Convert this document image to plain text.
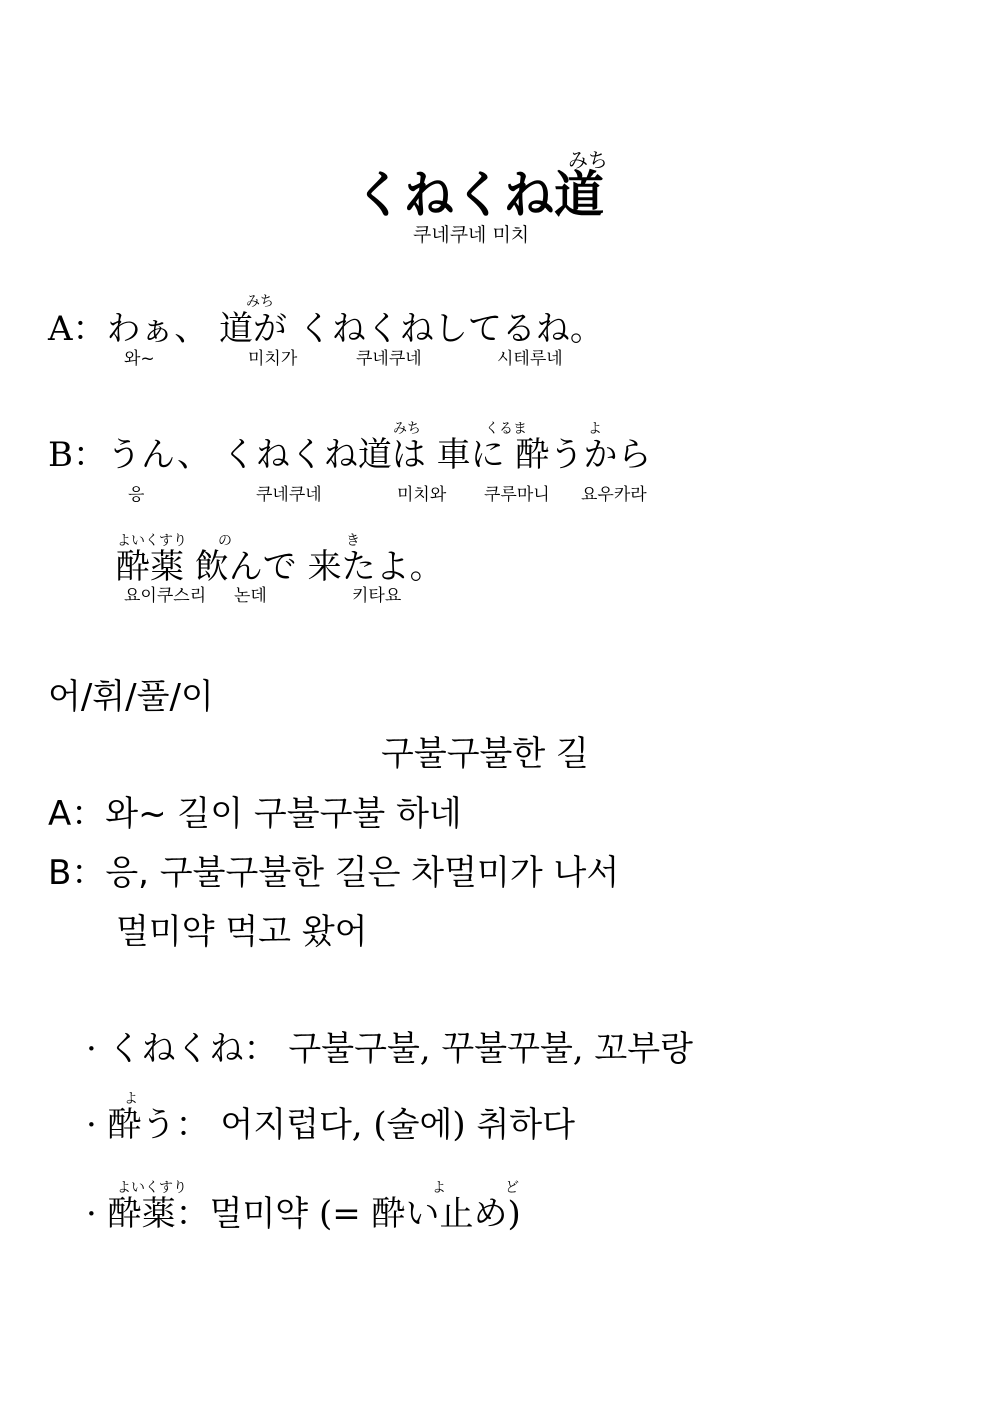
みち
くねくね道
쿠네쿠네 미치
みち
A：わぁ、 道が くねくねしてるね。
와~	미치가	쿠네쿠네	시테루네
みち	くるま	よ
B：うん、 くねくね道は 車に 酔うから
응	쿠네쿠네	미치와 쿠루마니 요우카라
よいくすり の	き
酔薬 飲んで 来たよ。
요이쿠스리 논데	키타요
어/휘/풀/이
구불구불한 길
A：와~ 길이 구불구불 하네
B：응, 구불구불한 길은 차멀미가 나서
멀미약 먹고 왔어
· くねくね： 구불구불, 꾸불꾸불, 꼬부랑
よ
· 酔う： 어지럽다, (술에) 취하다
よいくすり	よ	ど
· 酔薬：멀미약 (= 酔い止め)
